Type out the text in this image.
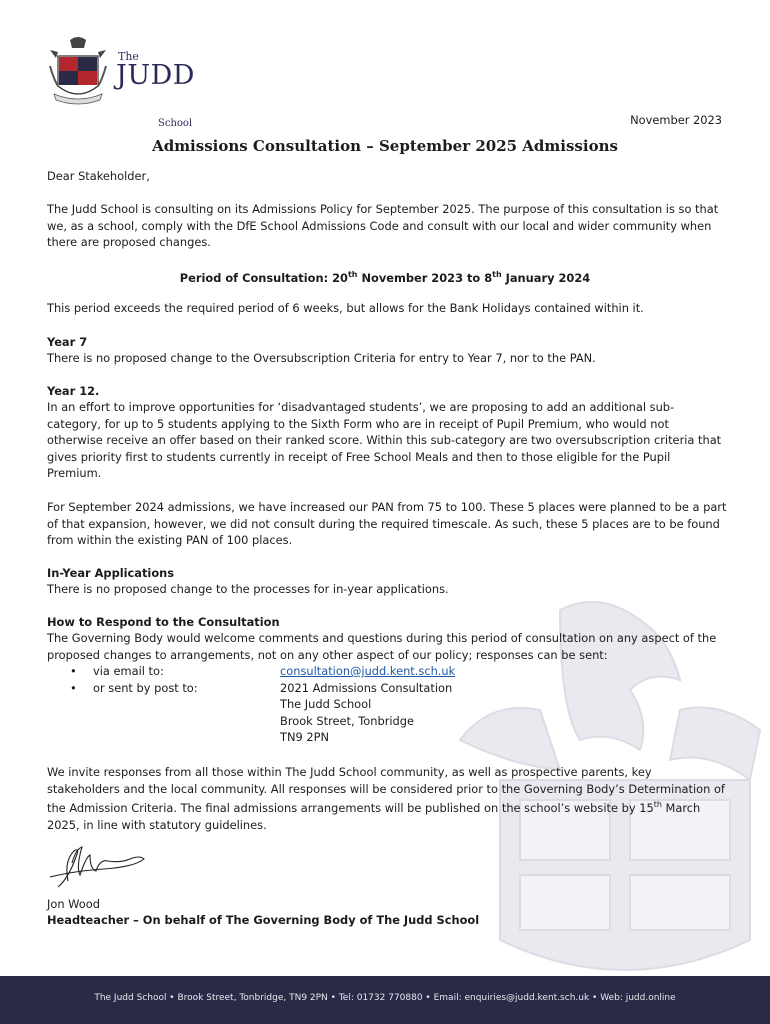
The
JUDD
School	November 2023
Admissions Consultation – September 2025 Admissions

Dear Stakeholder,

The Judd School is consulting on its Admissions Policy for September 2025. The purpose of this consultation is so that we, as a school, comply with the DfE School Admissions Code and consult with our local and wider community when there are proposed changes.

Period of Consultation: 20th November 2023 to 8th January 2024

This period exceeds the required period of 6 weeks, but allows for the Bank Holidays contained within it.

Year 7

There is no proposed change to the Oversubscription Criteria for entry to Year 7, nor to the PAN.

Year 12.

In an effort to improve opportunities for ‘disadvantaged students’, we are proposing to add an additional sub-category, for up to 5 students applying to the Sixth Form who are in receipt of Pupil Premium, who would not otherwise receive an offer based on their ranked score. Within this sub-category are two oversubscription criteria that gives priority first to students currently in receipt of Free School Meals and then to those eligible for the Pupil Premium.

For September 2024 admissions, we have increased our PAN from 75 to 100. These 5 places were planned to be a part of that expansion, however, we did not consult during the required timescale. As such, these 5 places are to be found from within the existing PAN of 100 places.

In-Year Applications

There is no proposed change to the processes for in-year applications.

How to Respond to the Consultation

The Governing Body would welcome comments and questions during this period of consultation on any aspect of the proposed changes to arrangements, not on any other aspect of our policy; responses can be sent:

• via email to:	consultation@judd.kent.sch.uk
• or sent by post to:	2021 Admissions Consultation
The Judd School
Brook Street, Tonbridge
TN9 2PN

We invite responses from all those within The Judd School community, as well as prospective parents, key stakeholders and the local community. All responses will be considered prior to the Governing Body’s Determination of the Admission Criteria. The final admissions arrangements will be published on the school’s website by 15th March 2025, in line with statutory guidelines.

Jon Wood

Headteacher – On behalf of The Governing Body of The Judd School

The Judd School • Brook Street, Tonbridge, TN9 2PN • Tel: 01732 770880 • Email: enquiries@judd.kent.sch.uk • Web: judd.online
